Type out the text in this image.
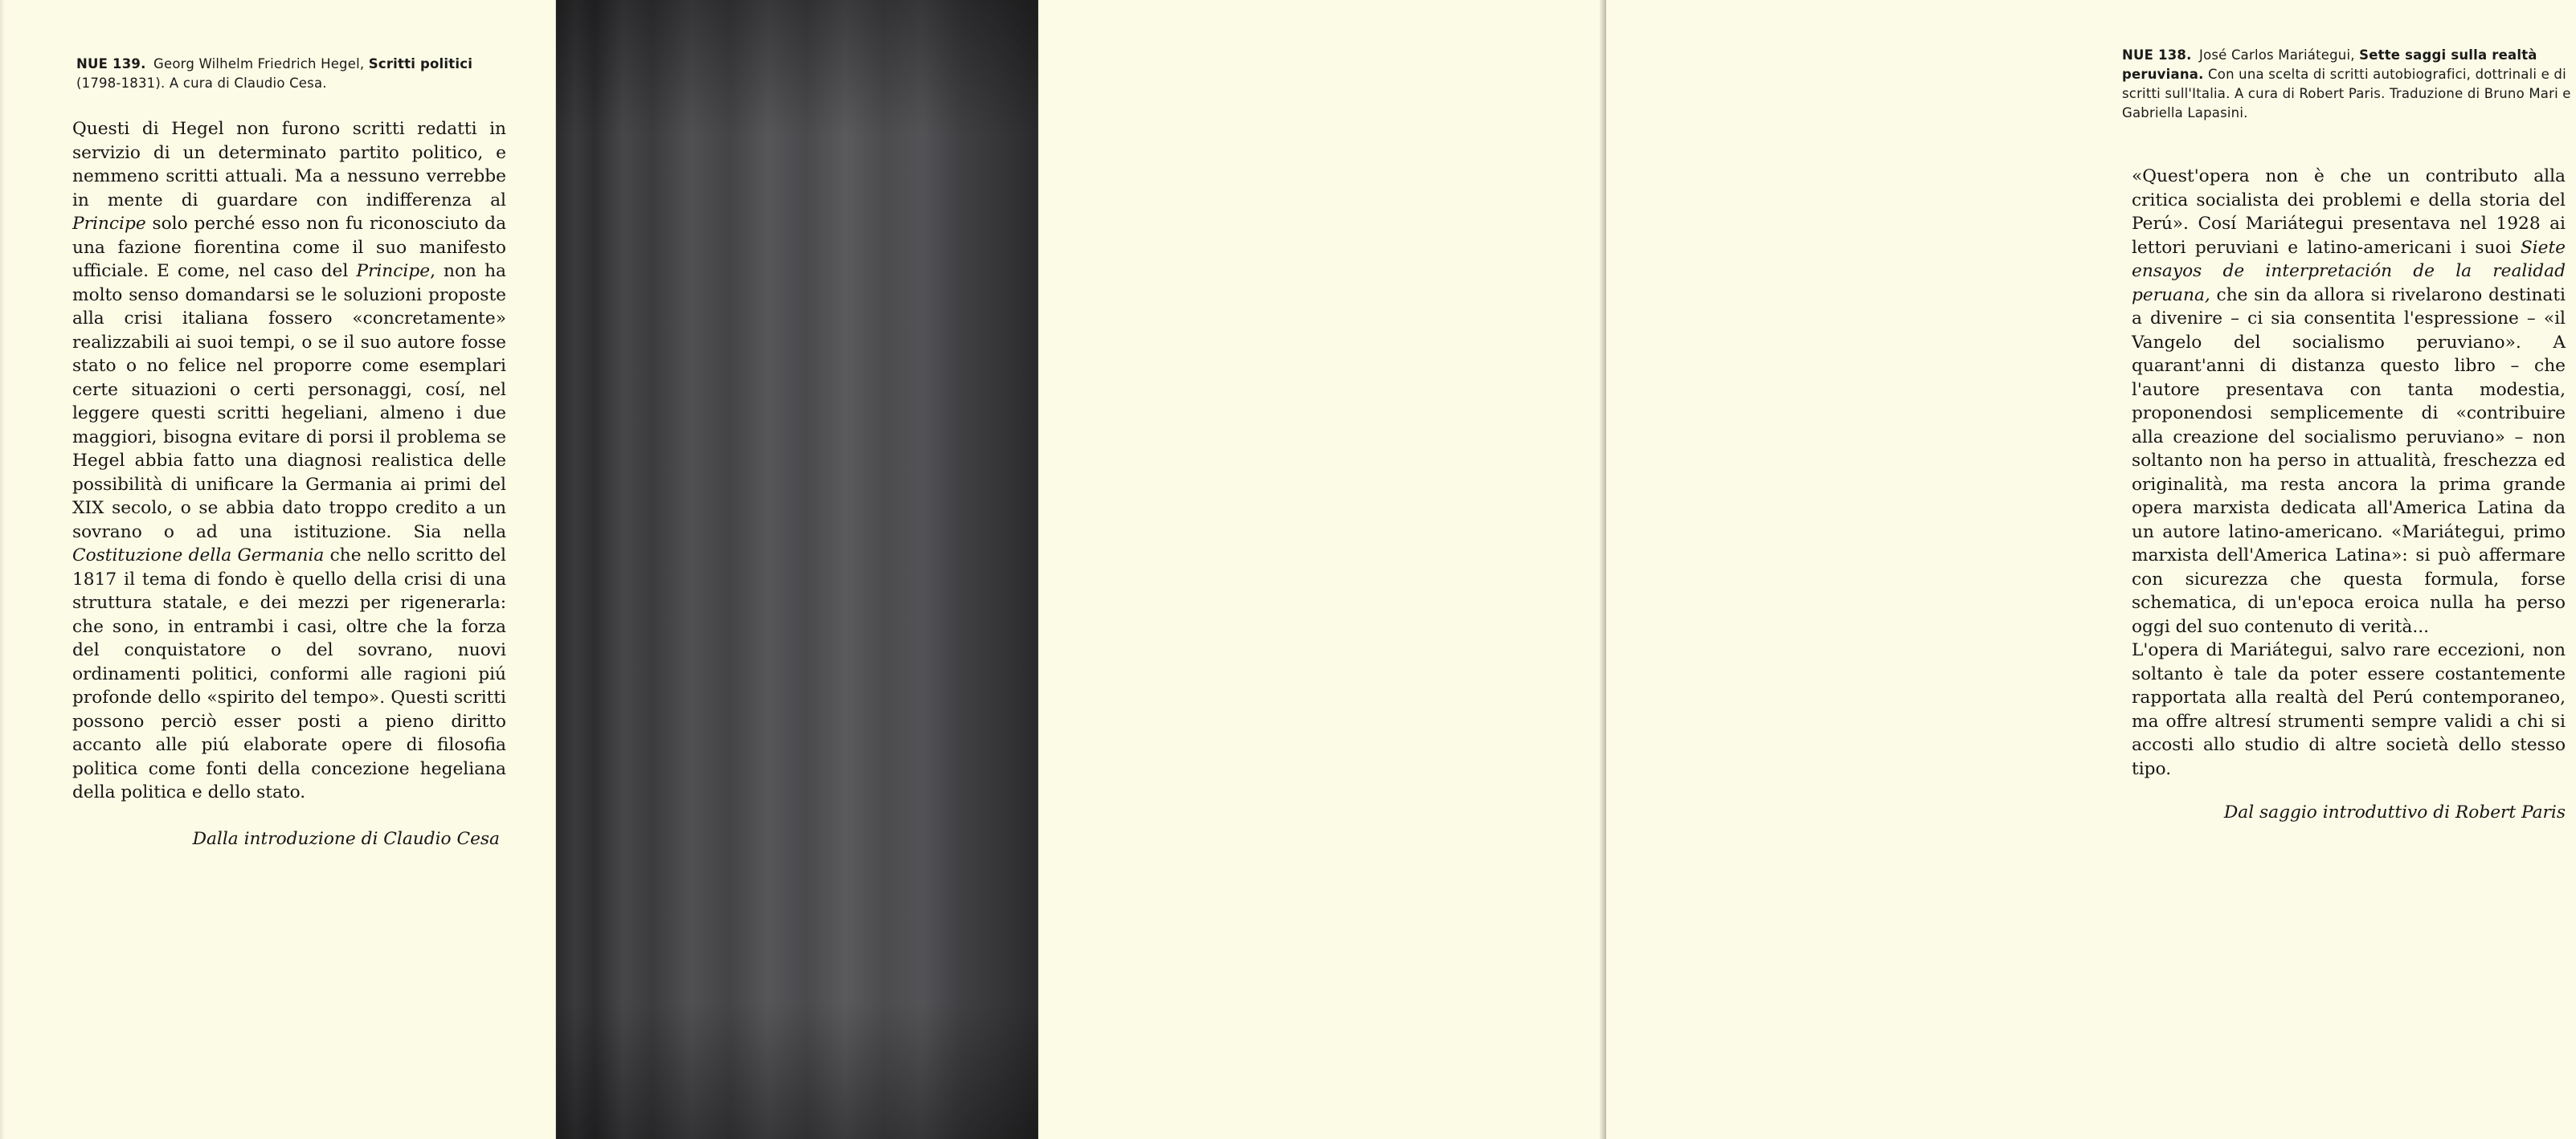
NUE 139. Georg Wilhelm Friedrich Hegel, Scritti politici (1798-1831). A cura di Claudio Cesa.

Questi di Hegel non furono scritti redatti in servizio di un determinato partito politico, e nemmeno scritti attuali. Ma a nessuno verrebbe in mente di guardare con indifferenza al Principe solo perché esso non fu riconosciuto da una fazione fiorentina come il suo manifesto ufficiale. E come, nel caso del Principe, non ha molto senso domandarsi se le soluzioni proposte alla crisi italiana fossero «concretamente» realizzabili ai suoi tempi, o se il suo autore fosse stato o no felice nel proporre come esemplari certe situazioni o certi personaggi, cosí, nel leggere questi scritti hegeliani, almeno i due maggiori, bisogna evitare di porsi il problema se Hegel abbia fatto una diagnosi realistica delle possibilità di unificare la Germania ai primi del XIX secolo, o se abbia dato troppo credito a un sovrano o ad una istituzione. Sia nella Costituzione della Germania che nello scritto del 1817 il tema di fondo è quello della crisi di una struttura statale, e dei mezzi per rigenerarla: che sono, in entrambi i casi, oltre che la forza del conquistatore o del sovrano, nuovi ordinamenti politici, conformi alle ragioni piú profonde dello «spirito del tempo». Questi scritti possono perciò esser posti a pieno diritto accanto alle piú elaborate opere di filosofia politica come fonti della concezione hegeliana della politica e dello stato.

Dalla introduzione di Claudio Cesa
NUE 138. José Carlos Mariátegui, Sette saggi sulla realtà peruviana. Con una scelta di scritti autobiografici, dottrinali e di scritti sull'Italia. A cura di Robert Paris. Traduzione di Bruno Mari e Gabriella Lapasini.

«Quest'opera non è che un contributo alla critica socialista dei problemi e della storia del Perú». Cosí Mariátegui presentava nel 1928 ai lettori peruviani e latino-americani i suoi Siete ensayos de interpretación de la realidad peruana, che sin da allora si rivelarono destinati a divenire – ci sia consentita l'espressione – «il Vangelo del socialismo peruviano». A quarant'anni di distanza questo libro – che l'autore presentava con tanta modestia, proponendosi semplicemente di «contribuire alla creazione del socialismo peruviano» – non soltanto non ha perso in attualità, freschezza ed originalità, ma resta ancora la prima grande opera marxista dedicata all'America Latina da un autore latino-americano. «Mariátegui, primo marxista dell'America Latina»: si può affermare con sicurezza che questa formula, forse schematica, di un'epoca eroica nulla ha perso oggi del suo contenuto di verità...

L'opera di Mariátegui, salvo rare eccezioni, non soltanto è tale da poter essere costantemente rapportata alla realtà del Perú contemporaneo, ma offre altresí strumenti sempre validi a chi si accosti allo studio di altre società dello stesso tipo.

Dal saggio introduttivo di Robert Paris
